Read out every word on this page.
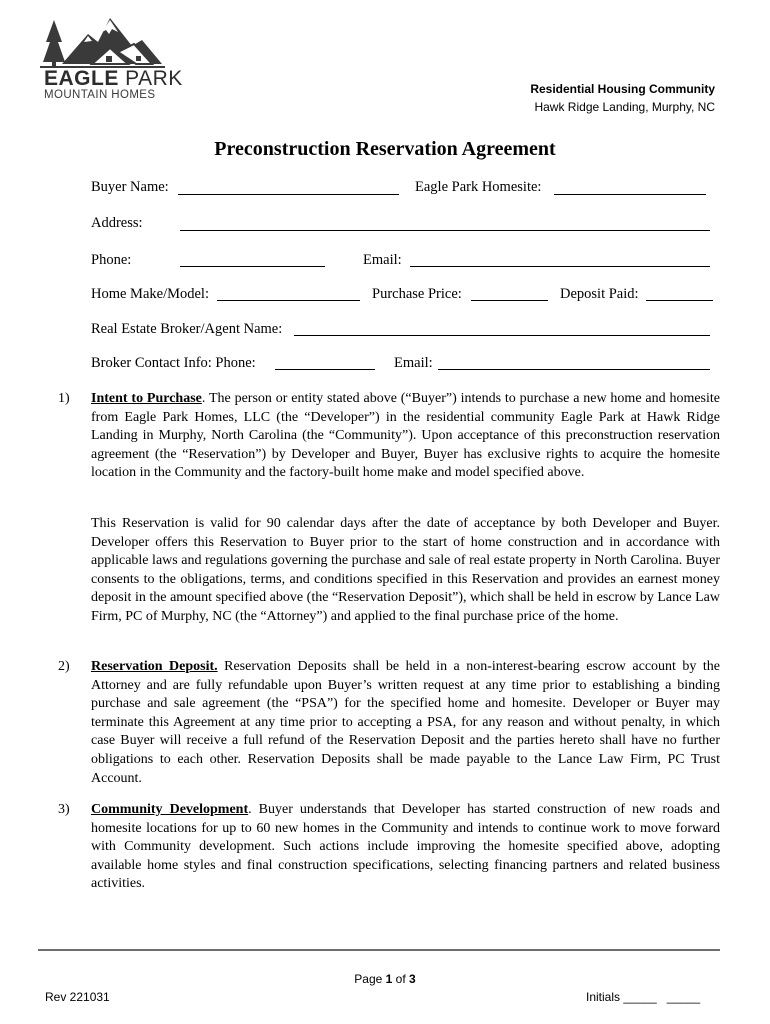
EAGLE PARK
MOUNTAIN HOMES	Residential Housing Community
Hawk Ridge Landing, Murphy, NC
Preconstruction Reservation Agreement
Buyer Name:	Eagle Park Homesite:
Address:
Phone:	Email:
Home Make/Model:	Purchase Price:	Deposit Paid:
Real Estate Broker/Agent Name:
Broker Contact Info: Phone:	Email:
1) Intent to Purchase. The person or entity stated above (“Buyer”) intends to purchase a new home and homesite from Eagle Park Homes, LLC (the “Developer”) in the residential community Eagle Park at Hawk Ridge Landing in Murphy, North Carolina (the “Community”). Upon acceptance of this preconstruction reservation agreement (the “Reservation”) by Developer and Buyer, Buyer has exclusive rights to acquire the homesite location in the Community and the factory-built home make and model specified above.
This Reservation is valid for 90 calendar days after the date of acceptance by both Developer and Buyer. Developer offers this Reservation to Buyer prior to the start of home construction and in accordance with applicable laws and regulations governing the purchase and sale of real estate property in North Carolina. Buyer consents to the obligations, terms, and conditions specified in this Reservation and provides an earnest money deposit in the amount specified above (the “Reservation Deposit”), which shall be held in escrow by Lance Law Firm, PC of Murphy, NC (the “Attorney”) and applied to the final purchase price of the home.
2) Reservation Deposit. Reservation Deposits shall be held in a non-interest-bearing escrow account by the Attorney and are fully refundable upon Buyer’s written request at any time prior to establishing a binding purchase and sale agreement (the “PSA”) for the specified home and homesite. Developer or Buyer may terminate this Agreement at any time prior to accepting a PSA, for any reason and without penalty, in which case Buyer will receive a full refund of the Reservation Deposit and the parties hereto shall have no further obligations to each other. Reservation Deposits shall be made payable to the Lance Law Firm, PC Trust Account.
3) Community Development. Buyer understands that Developer has started construction of new roads and homesite locations for up to 60 new homes in the Community and intends to continue work to move forward with Community development. Such actions include improving the homesite specified above, adopting available home styles and final construction specifications, selecting financing partners and related business activities.
Page 1 of 3
Rev 221031	Initials _____   _____
